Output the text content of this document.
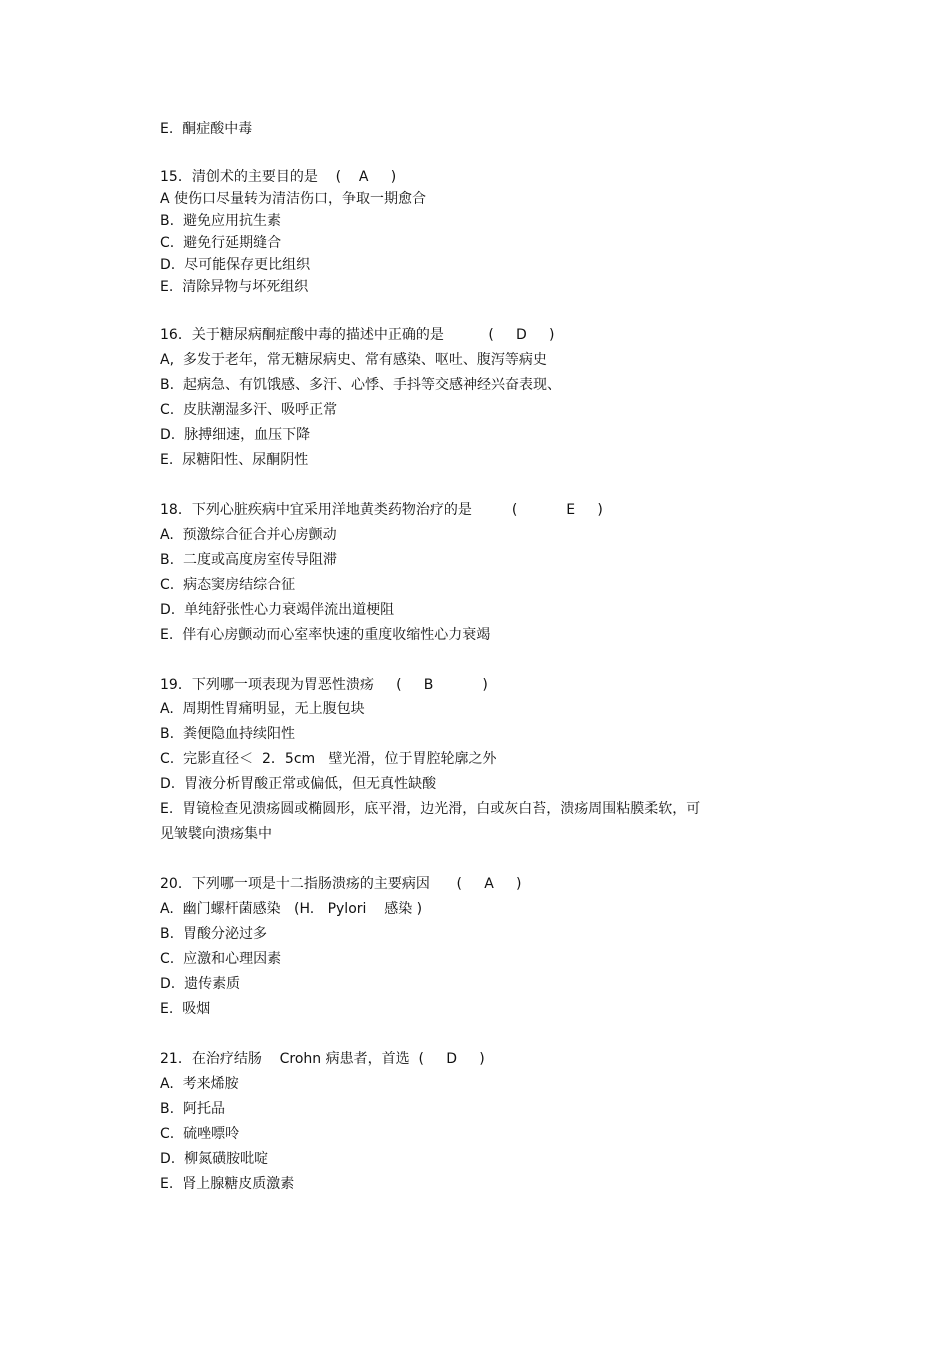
E.  酮症酸中毒
15．清创术的主要目的是    (    A     )
A 使伤口尽量转为清洁伤口，争取一期愈合
B.  避免应用抗生素
C.  避免行延期缝合
D.  尽可能保存更比组织
E.  清除异物与坏死组织
16．关于糖尿病酮症酸中毒的描述中正确的是          (     D     )
A,  多发于老年，常无糖尿病史、常有感染、呕吐、腹泻等病史
B.  起病急、有饥饿感、多汗、心悸、手抖等交感神经兴奋表现、
C.  皮肤潮湿多汗、吸呼正常
D.  脉搏细速，血压下降
E.  尿糖阳性、尿酮阴性
18．下列心脏疾病中宜采用洋地黄类药物治疗的是         (           E     )
A.  预激综合征合并心房颤动
B.  二度或高度房室传导阻滞
C.  病态窦房结综合征
D.  单纯舒张性心力衰竭伴流出道梗阻
E.  伴有心房颤动而心室率快速的重度收缩性心力衰竭
19．下列哪一项表现为胃恶性溃疡     (     B           )
A.  周期性胃痛明显，无上腹包块
B.  粪便隐血持续阳性
C.  完影直径＜  2．5cm   壁光滑，位于胃腔轮廓之外
D.  胃液分析胃酸正常或偏低，但无真性缺酸
E.  胃镜检查见溃疡圆或椭圆形，底平滑，边光滑，白或灰白苔，溃疡周围粘膜柔软，可
见皱襞向溃疡集中
20．下列哪一项是十二指肠溃疡的主要病因      (     A     )
A.  幽门螺杆菌感染   (H.   Pylori    感染 )
B.  胃酸分泌过多
C.  应激和心理因素
D.  遗传素质
E.  吸烟
21．在治疗结肠    Crohn 病患者，首选  (     D     )
A.  考来烯胺
B.  阿托品
C.  硫唑嘌呤
D.  柳氮磺胺吡啶
E.  肾上腺糖皮质激素
